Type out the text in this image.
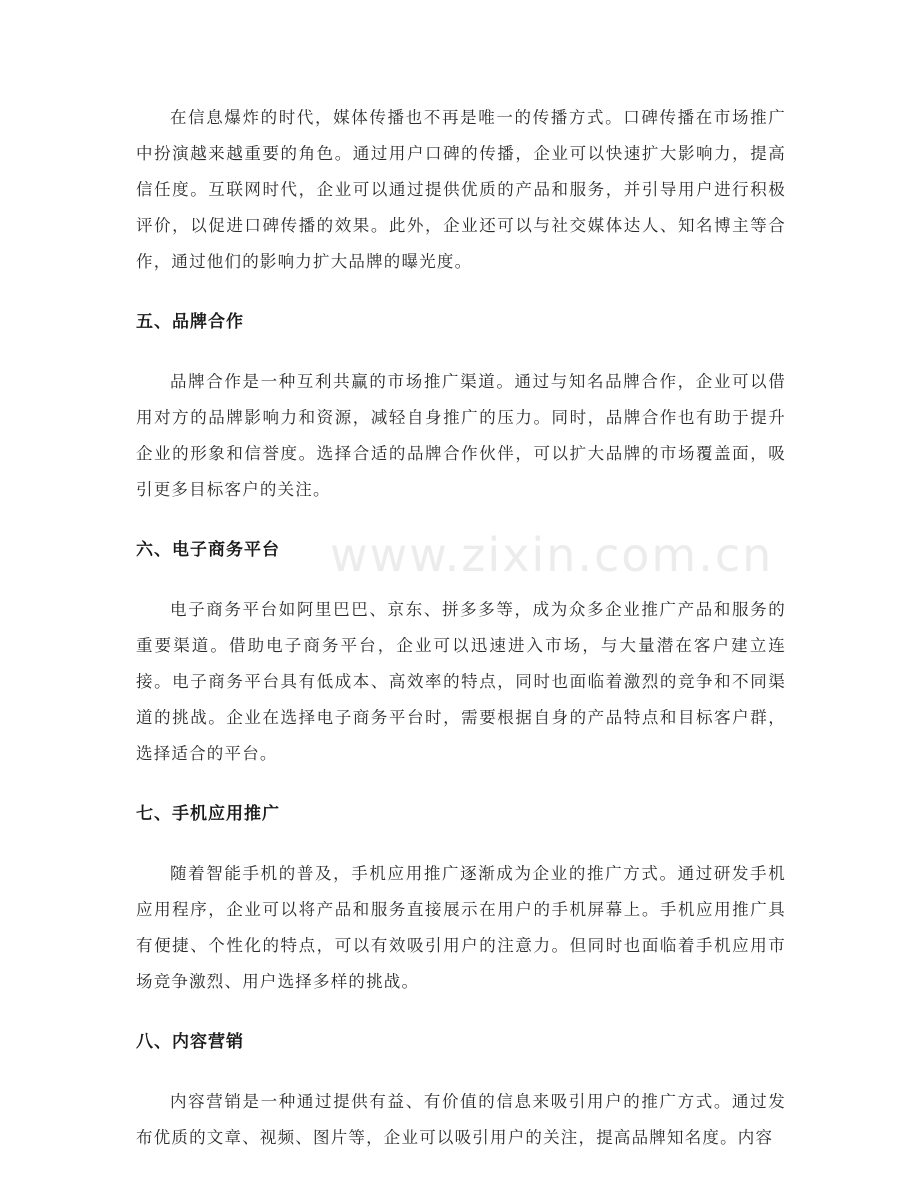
www.zixin.com.cn

在信息爆炸的时代，媒体传播也不再是唯一的传播方式。口碑传播在市场推广中扮演越来越重要的角色。通过用户口碑的传播，企业可以快速扩大影响力，提高信任度。互联网时代，企业可以通过提供优质的产品和服务，并引导用户进行积极评价，以促进口碑传播的效果。此外，企业还可以与社交媒体达人、知名博主等合作，通过他们的影响力扩大品牌的曝光度。

五、品牌合作

品牌合作是一种互利共赢的市场推广渠道。通过与知名品牌合作，企业可以借用对方的品牌影响力和资源，减轻自身推广的压力。同时，品牌合作也有助于提升企业的形象和信誉度。选择合适的品牌合作伙伴，可以扩大品牌的市场覆盖面，吸引更多目标客户的关注。

六、电子商务平台

电子商务平台如阿里巴巴、京东、拼多多等，成为众多企业推广产品和服务的重要渠道。借助电子商务平台，企业可以迅速进入市场，与大量潜在客户建立连接。电子商务平台具有低成本、高效率的特点，同时也面临着激烈的竞争和不同渠道的挑战。企业在选择电子商务平台时，需要根据自身的产品特点和目标客户群，选择适合的平台。

七、手机应用推广

随着智能手机的普及，手机应用推广逐渐成为企业的推广方式。通过研发手机应用程序，企业可以将产品和服务直接展示在用户的手机屏幕上。手机应用推广具有便捷、个性化的特点，可以有效吸引用户的注意力。但同时也面临着手机应用市场竞争激烈、用户选择多样的挑战。

八、内容营销

内容营销是一种通过提供有益、有价值的信息来吸引用户的推广方式。通过发布优质的文章、视频、图片等，企业可以吸引用户的关注，提高品牌知名度。内容
